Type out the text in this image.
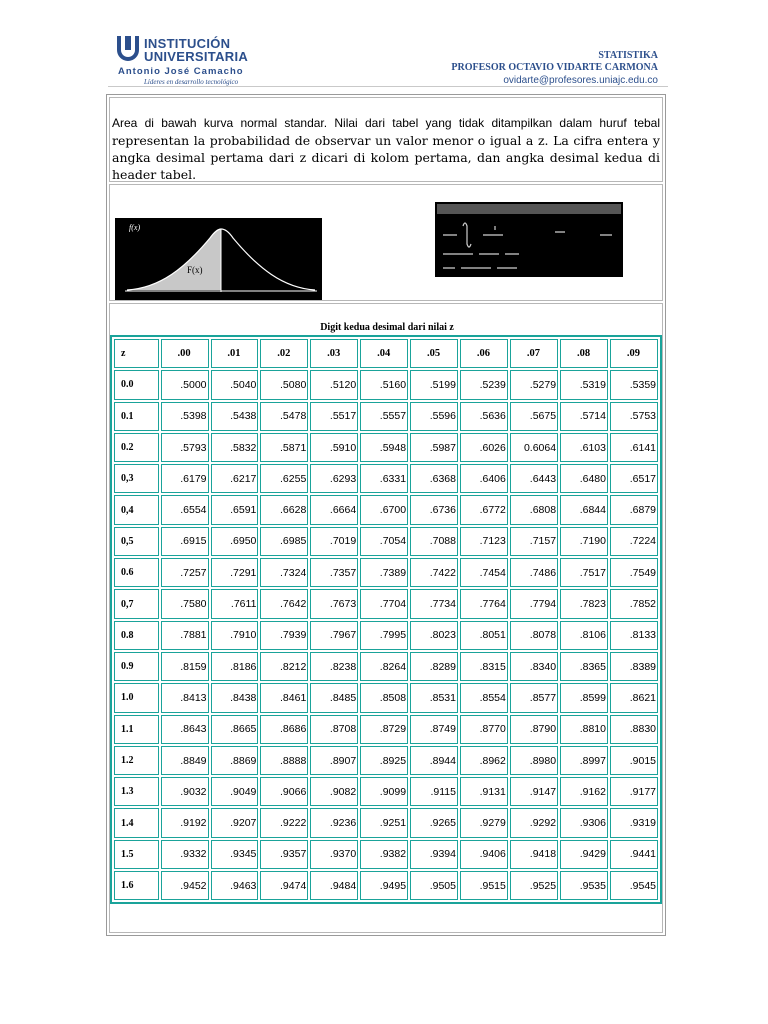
INSTITUCIÓN
UNIVERSITARIA
Antonio José Camacho
Líderes en desarrollo tecnológico
STATISTIKA
PROFESOR OCTAVIO VIDARTE CARMONA
ovidarte@profesores.uniajc.edu.co
Area di bawah kurva normal standar. Nilai dari tabel yang tidak ditampilkan dalam huruf tebal
representan la probabilidad de observar un valor menor o igual a z. La cifra entera y angka desimal pertama dari z dicari di kolom pertama, dan angka desimal kedua di header tabel.
f(x)
F(x)
Digit kedua desimal dari nilai z
z	.00	.01	.02	.03	.04	.05	.06	.07	.08	.09
0.0	.5000	.5040	.5080	.5120	.5160	.5199	.5239	.5279	.5319	.5359
0.1	.5398	.5438	.5478	.5517	.5557	.5596	.5636	.5675	.5714	.5753
0.2	.5793	.5832	.5871	.5910	.5948	.5987	.6026	0.6064	.6103	.6141
0,3	.6179	.6217	.6255	.6293	.6331	.6368	.6406	.6443	.6480	.6517
0,4	.6554	.6591	.6628	.6664	.6700	.6736	.6772	.6808	.6844	.6879
0,5	.6915	.6950	.6985	.7019	.7054	.7088	.7123	.7157	.7190	.7224
0.6	.7257	.7291	.7324	.7357	.7389	.7422	.7454	.7486	.7517	.7549
0,7	.7580	.7611	.7642	.7673	.7704	.7734	.7764	.7794	.7823	.7852
0.8	.7881	.7910	.7939	.7967	.7995	.8023	.8051	.8078	.8106	.8133
0.9	.8159	.8186	.8212	.8238	.8264	.8289	.8315	.8340	.8365	.8389
1.0	.8413	.8438	.8461	.8485	.8508	.8531	.8554	.8577	.8599	.8621
1.1	.8643	.8665	.8686	.8708	.8729	.8749	.8770	.8790	.8810	.8830
1.2	.8849	.8869	.8888	.8907	.8925	.8944	.8962	.8980	.8997	.9015
1.3	.9032	.9049	.9066	.9082	.9099	.9115	.9131	.9147	.9162	.9177
1.4	.9192	.9207	.9222	.9236	.9251	.9265	.9279	.9292	.9306	.9319
1.5	.9332	.9345	.9357	.9370	.9382	.9394	.9406	.9418	.9429	.9441
1.6	.9452	.9463	.9474	.9484	.9495	.9505	.9515	.9525	.9535	.9545
